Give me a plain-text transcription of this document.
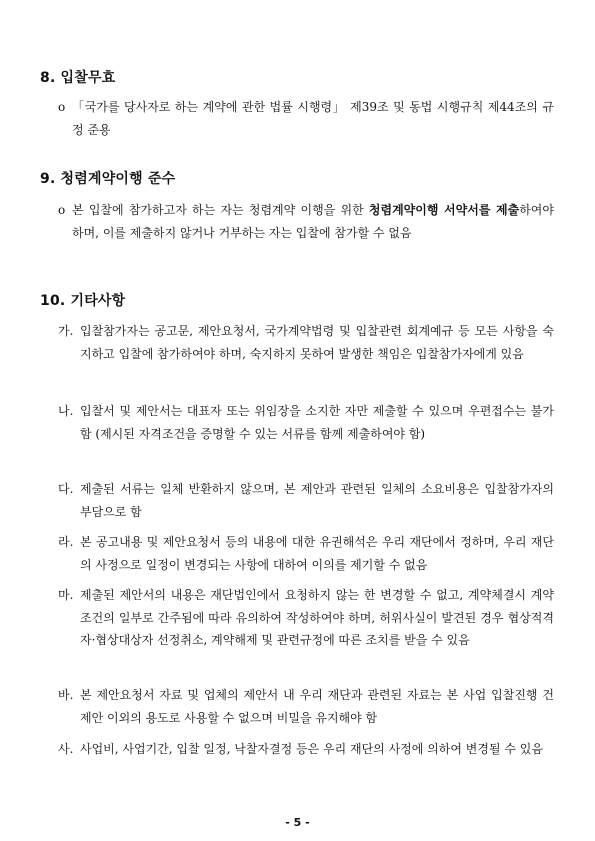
8. 입찰무효
o 「국가를 당사자로 하는 계약에 관한 법률 시행령」 제39조 및 동법 시행규칙 제44조의 규정 준용
9. 청렴계약이행 준수
o 본 입찰에 참가하고자 하는 자는 청렴계약 이행을 위한 청렴계약이행 서약서를 제출하여야 하며, 이를 제출하지 않거나 거부하는 자는 입찰에 참가할 수 없음
10. 기타사항
가. 입찰참가자는 공고문, 제안요청서, 국가계약법령 및 입찰관련 회계예규 등 모든 사항을 숙지하고 입찰에 참가하여야 하며, 숙지하지 못하여 발생한 책임은 입찰참가자에게 있음
나. 입찰서 및 제안서는 대표자 또는 위임장을 소지한 자만 제출할 수 있으며 우편접수는 불가함 (제시된 자격조건을 증명할 수 있는 서류를 함께 제출하여야 함)
다. 제출된 서류는 일체 반환하지 않으며, 본 제안과 관련된 일체의 소요비용은 입찰참가자의 부담으로 함
라. 본 공고내용 및 제안요청서 등의 내용에 대한 유권해석은 우리 재단에서 정하며, 우리 재단의 사정으로 일정이 변경되는 사항에 대하여 이의를 제기할 수 없음
마. 제출된 제안서의 내용은 재단법인에서 요청하지 않는 한 변경할 수 없고, 계약체결시 계약조건의 일부로 간주됨에 따라 유의하여 작성하여야 하며, 허위사실이 발견된 경우 협상적격자·협상대상자 선정취소, 계약해제 및 관련규정에 따른 조치를 받을 수 있음
바. 본 제안요청서 자료 및 업체의 제안서 내 우리 재단과 관련된 자료는 본 사업 입찰진행 건 제안 이외의 용도로 사용할 수 없으며 비밀을 유지해야 함
사. 사업비, 사업기간, 입찰 일정, 낙찰자결정 등은 우리 재단의 사정에 의하여 변경될 수 있음
- 5 -
